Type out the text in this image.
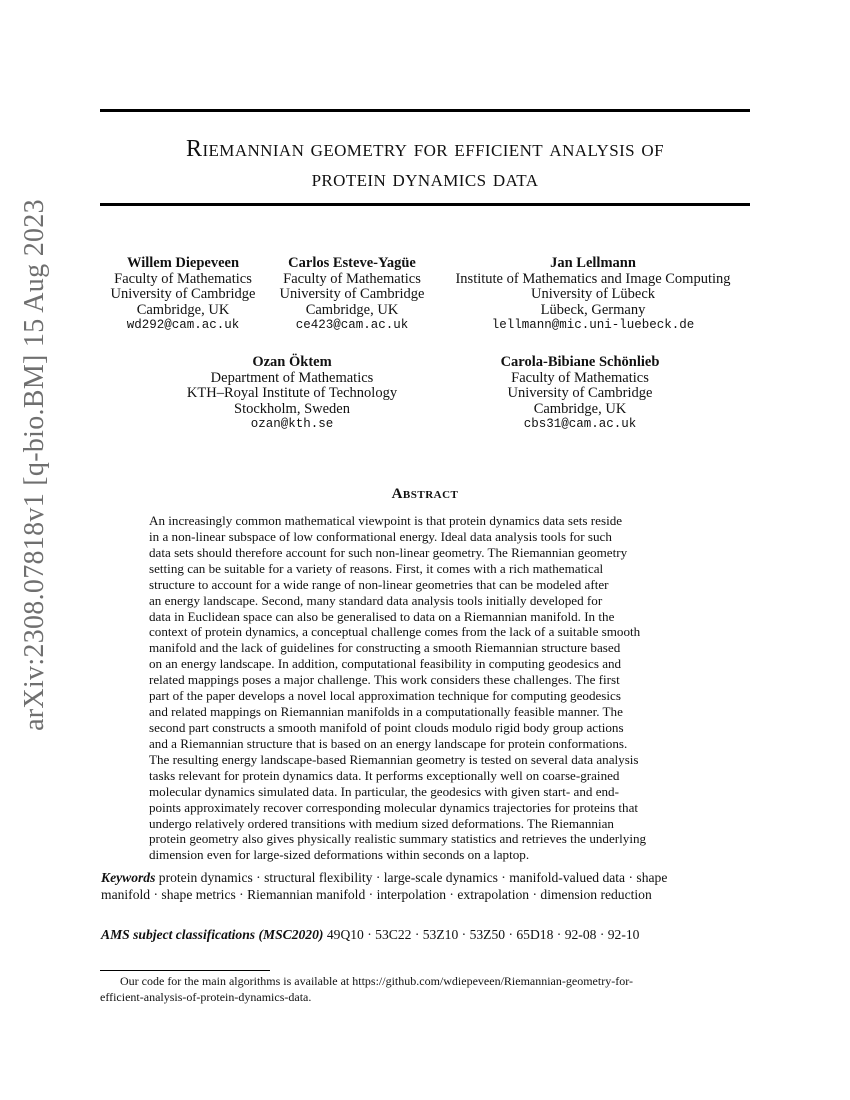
arXiv:2308.07818v1 [q-bio.BM] 15 Aug 2023
Riemannian geometry for efficient analysis of
protein dynamics data
Willem Diepeveen
Faculty of Mathematics
University of Cambridge
Cambridge, UK
wd292@cam.ac.uk
Carlos Esteve-Yagüe
Faculty of Mathematics
University of Cambridge
Cambridge, UK
ce423@cam.ac.uk
Jan Lellmann
Institute of Mathematics and Image Computing
University of Lübeck
Lübeck, Germany
lellmann@mic.uni-luebeck.de
Ozan Öktem
Department of Mathematics
KTH–Royal Institute of Technology
Stockholm, Sweden
ozan@kth.se
Carola-Bibiane Schönlieb
Faculty of Mathematics
University of Cambridge
Cambridge, UK
cbs31@cam.ac.uk
Abstract
An increasingly common mathematical viewpoint is that protein dynamics data sets reside
in a non-linear subspace of low conformational energy. Ideal data analysis tools for such
data sets should therefore account for such non-linear geometry. The Riemannian geometry
setting can be suitable for a variety of reasons. First, it comes with a rich mathematical
structure to account for a wide range of non-linear geometries that can be modeled after
an energy landscape. Second, many standard data analysis tools initially developed for
data in Euclidean space can also be generalised to data on a Riemannian manifold. In the
context of protein dynamics, a conceptual challenge comes from the lack of a suitable smooth
manifold and the lack of guidelines for constructing a smooth Riemannian structure based
on an energy landscape. In addition, computational feasibility in computing geodesics and
related mappings poses a major challenge. This work considers these challenges. The first
part of the paper develops a novel local approximation technique for computing geodesics
and related mappings on Riemannian manifolds in a computationally feasible manner. The
second part constructs a smooth manifold of point clouds modulo rigid body group actions
and a Riemannian structure that is based on an energy landscape for protein conformations.
The resulting energy landscape-based Riemannian geometry is tested on several data analysis
tasks relevant for protein dynamics data. It performs exceptionally well on coarse-grained
molecular dynamics simulated data. In particular, the geodesics with given start- and end-
points approximately recover corresponding molecular dynamics trajectories for proteins that
undergo relatively ordered transitions with medium sized deformations. The Riemannian
protein geometry also gives physically realistic summary statistics and retrieves the underlying
dimension even for large-sized deformations within seconds on a laptop.
Keywords protein dynamics · structural flexibility · large-scale dynamics · manifold-valued data · shape
manifold · shape metrics · Riemannian manifold · interpolation · extrapolation · dimension reduction
AMS subject classifications (MSC2020) 49Q10 · 53C22 · 53Z10 · 53Z50 · 65D18 · 92-08 · 92-10
Our code for the main algorithms is available at https://github.com/wdiepeveen/Riemannian-geometry-for-
efficient-analysis-of-protein-dynamics-data.
